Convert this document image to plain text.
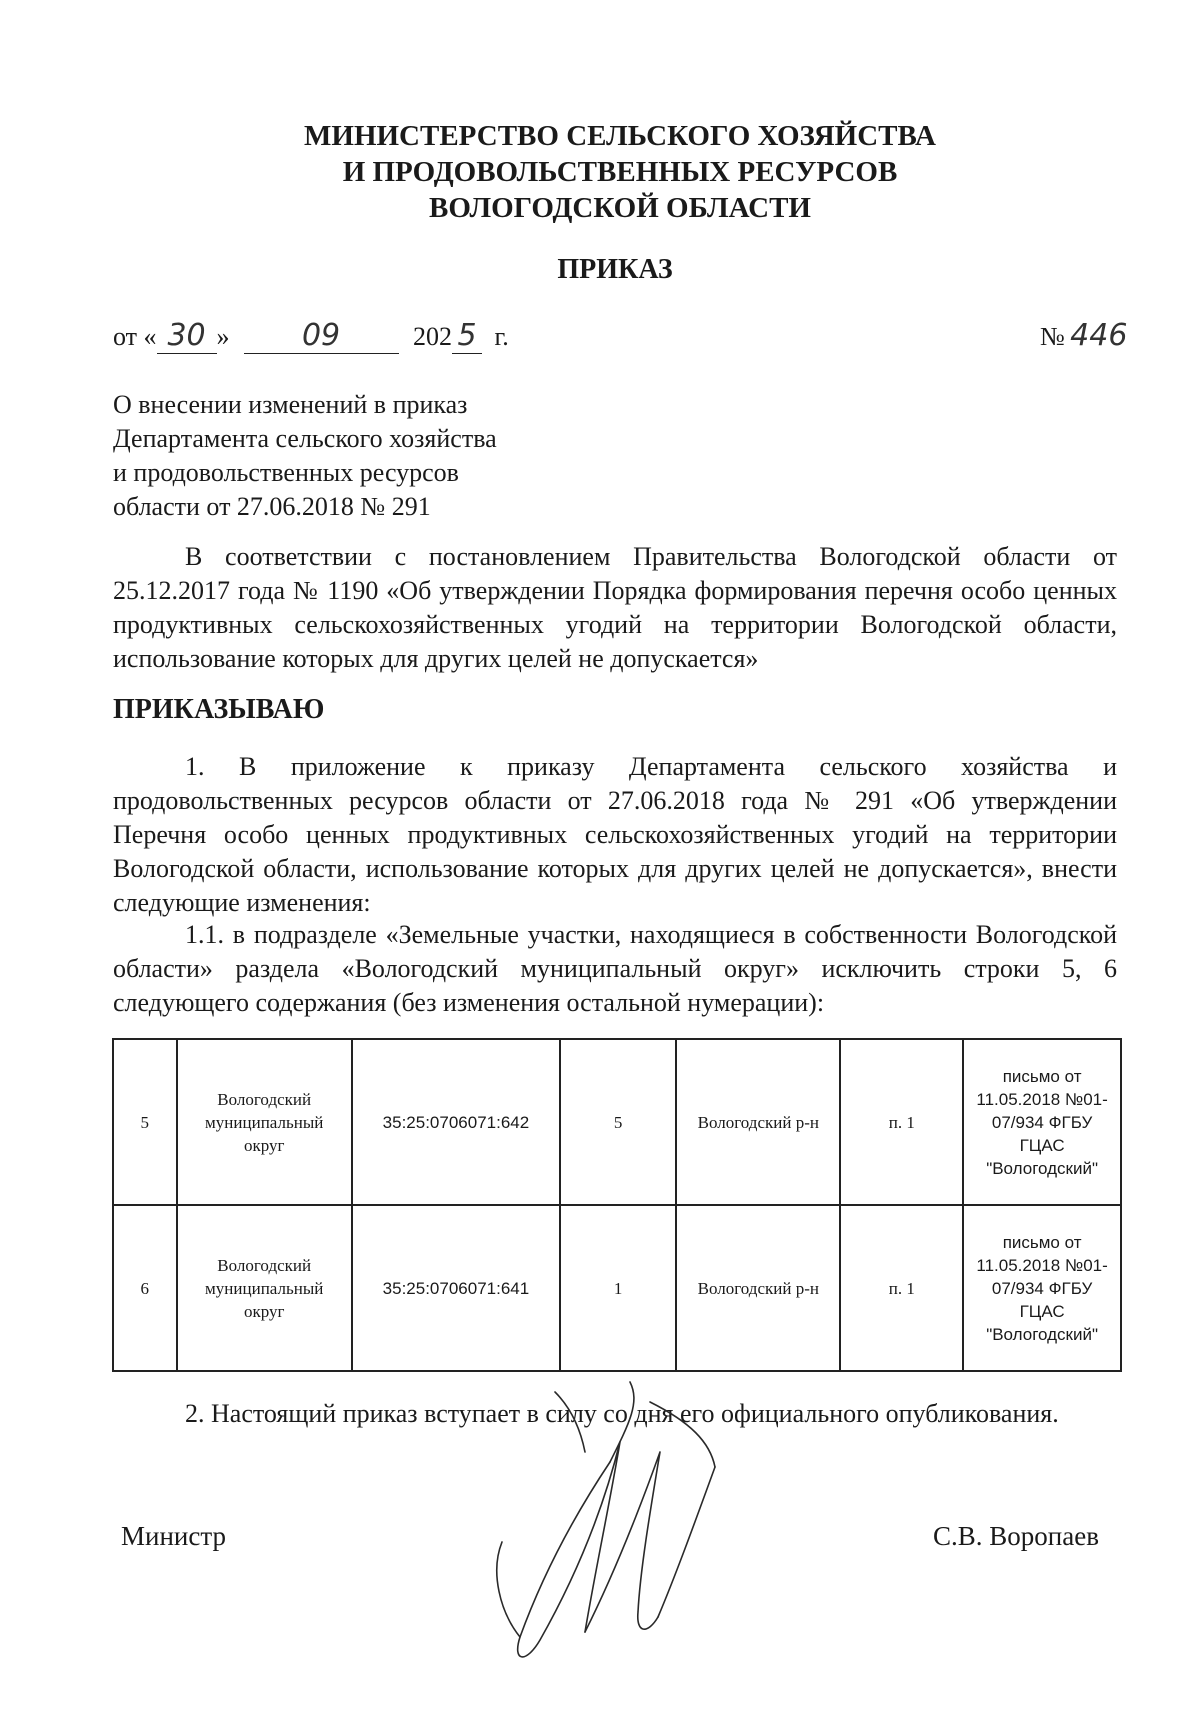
МИНИСТЕРСТВО СЕЛЬСКОГО ХОЗЯЙСТВА
И ПРОДОВОЛЬСТВЕННЫХ РЕСУРСОВ
ВОЛОГОДСКОЙ ОБЛАСТИ
ПРИКАЗ
от « 30 » 09	202 5 г.	№ 446
О внесении изменений в приказ
Департамента сельского хозяйства
и продовольственных ресурсов
области от 27.06.2018 № 291
В соответствии с постановлением Правительства Вологодской области от 25.12.2017 года № 1190 «Об утверждении Порядка формирования перечня особо ценных продуктивных сельскохозяйственных угодий на территории Вологодской области, использование которых для других целей не допускается»
ПРИКАЗЫВАЮ
1. В приложение к приказу Департамента сельского хозяйства и продовольственных ресурсов области от 27.06.2018 года № 291 «Об утверждении Перечня особо ценных продуктивных сельскохозяйственных угодий на территории Вологодской области, использование которых для других целей не допускается», внести следующие изменения:
1.1. в подразделе «Земельные участки, находящиеся в собственности Вологодской области» раздела «Вологодский муниципальный округ» исключить строки 5, 6 следующего содержания (без изменения остальной нумерации):
5	Вологодский муниципальный округ	35:25:0706071:642	5	Вологодский р-н	п. 1	письмо от 11.05.2018 №01-07/934 ФГБУ ГЦАС "Вологодский"
6	Вологодский муниципальный округ	35:25:0706071:641	1	Вологодский р-н	п. 1	письмо от 11.05.2018 №01-07/934 ФГБУ ГЦАС "Вологодский"
2. Настоящий приказ вступает в силу со дня его официального опубликования.
Министр	С.В. Воропаев
